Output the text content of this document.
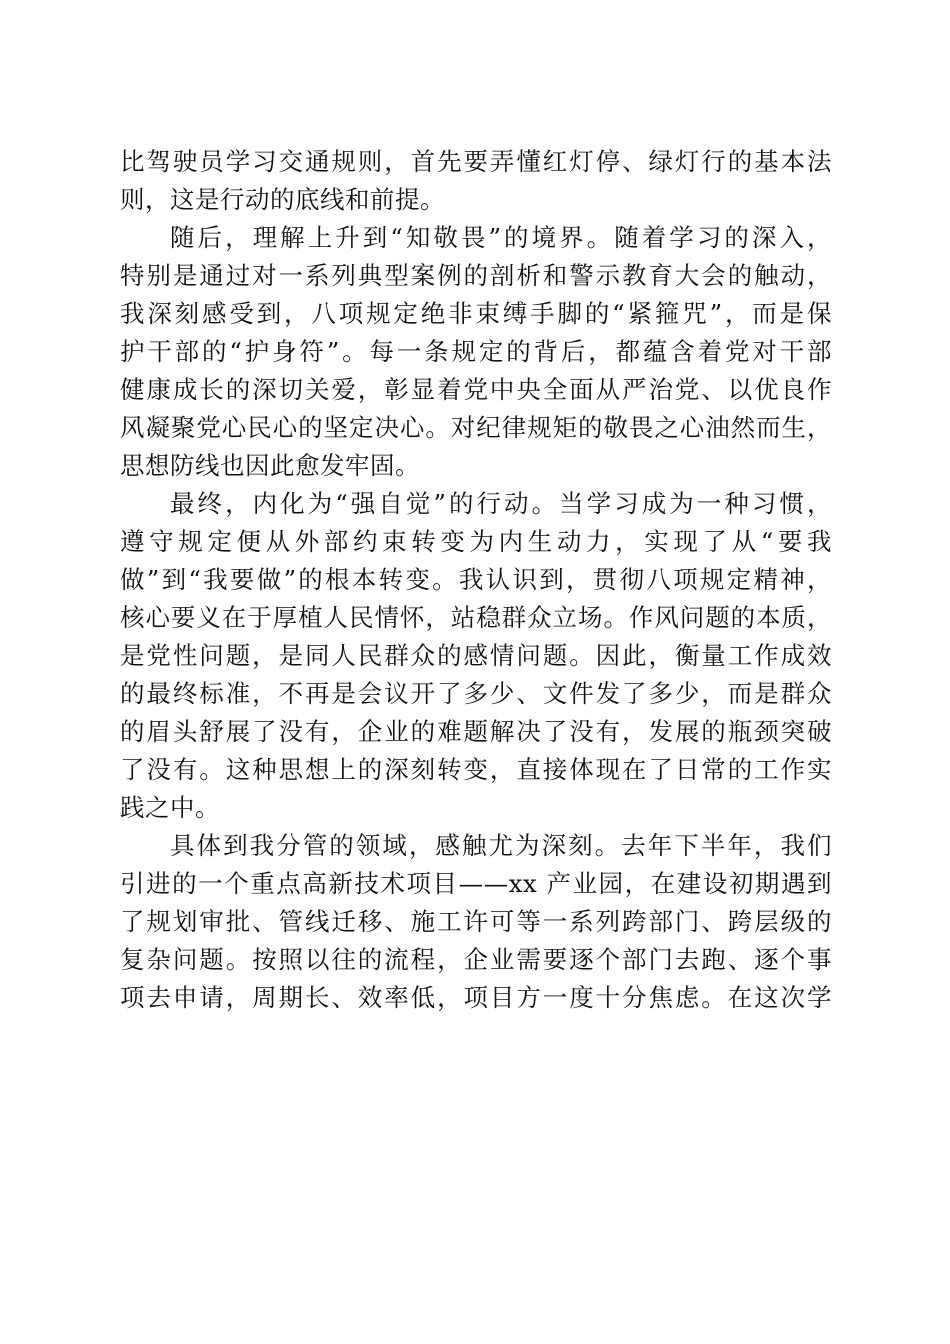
比驾驶员学习交通规则，首先要弄懂红灯停、绿灯行的基本法
则，这是行动的底线和前提。
随后，理解上升到“知敬畏”的境界。随着学习的深入，
特别是通过对一系列典型案例的剖析和警示教育大会的触动，
我深刻感受到，八项规定绝非束缚手脚的“紧箍咒”，而是保
护干部的“护身符”。每一条规定的背后，都蕴含着党对干部
健康成长的深切关爱，彰显着党中央全面从严治党、以优良作
风凝聚党心民心的坚定决心。对纪律规矩的敬畏之心油然而生，
思想防线也因此愈发牢固。
最终，内化为“强自觉”的行动。当学习成为一种习惯，
遵守规定便从外部约束转变为内生动力，实现了从“要我
做”到“我要做”的根本转变。我认识到，贯彻八项规定精神，
核心要义在于厚植人民情怀，站稳群众立场。作风问题的本质，
是党性问题，是同人民群众的感情问题。因此，衡量工作成效
的最终标准，不再是会议开了多少、文件发了多少，而是群众
的眉头舒展了没有，企业的难题解决了没有，发展的瓶颈突破
了没有。这种思想上的深刻转变，直接体现在了日常的工作实
践之中。
具体到我分管的领域，感触尤为深刻。去年下半年，我们
引进的一个重点高新技术项目——xx 产业园，在建设初期遇到
了规划审批、管线迁移、施工许可等一系列跨部门、跨层级的
复杂问题。按照以往的流程，企业需要逐个部门去跑、逐个事
项去申请，周期长、效率低，项目方一度十分焦虑。在这次学
